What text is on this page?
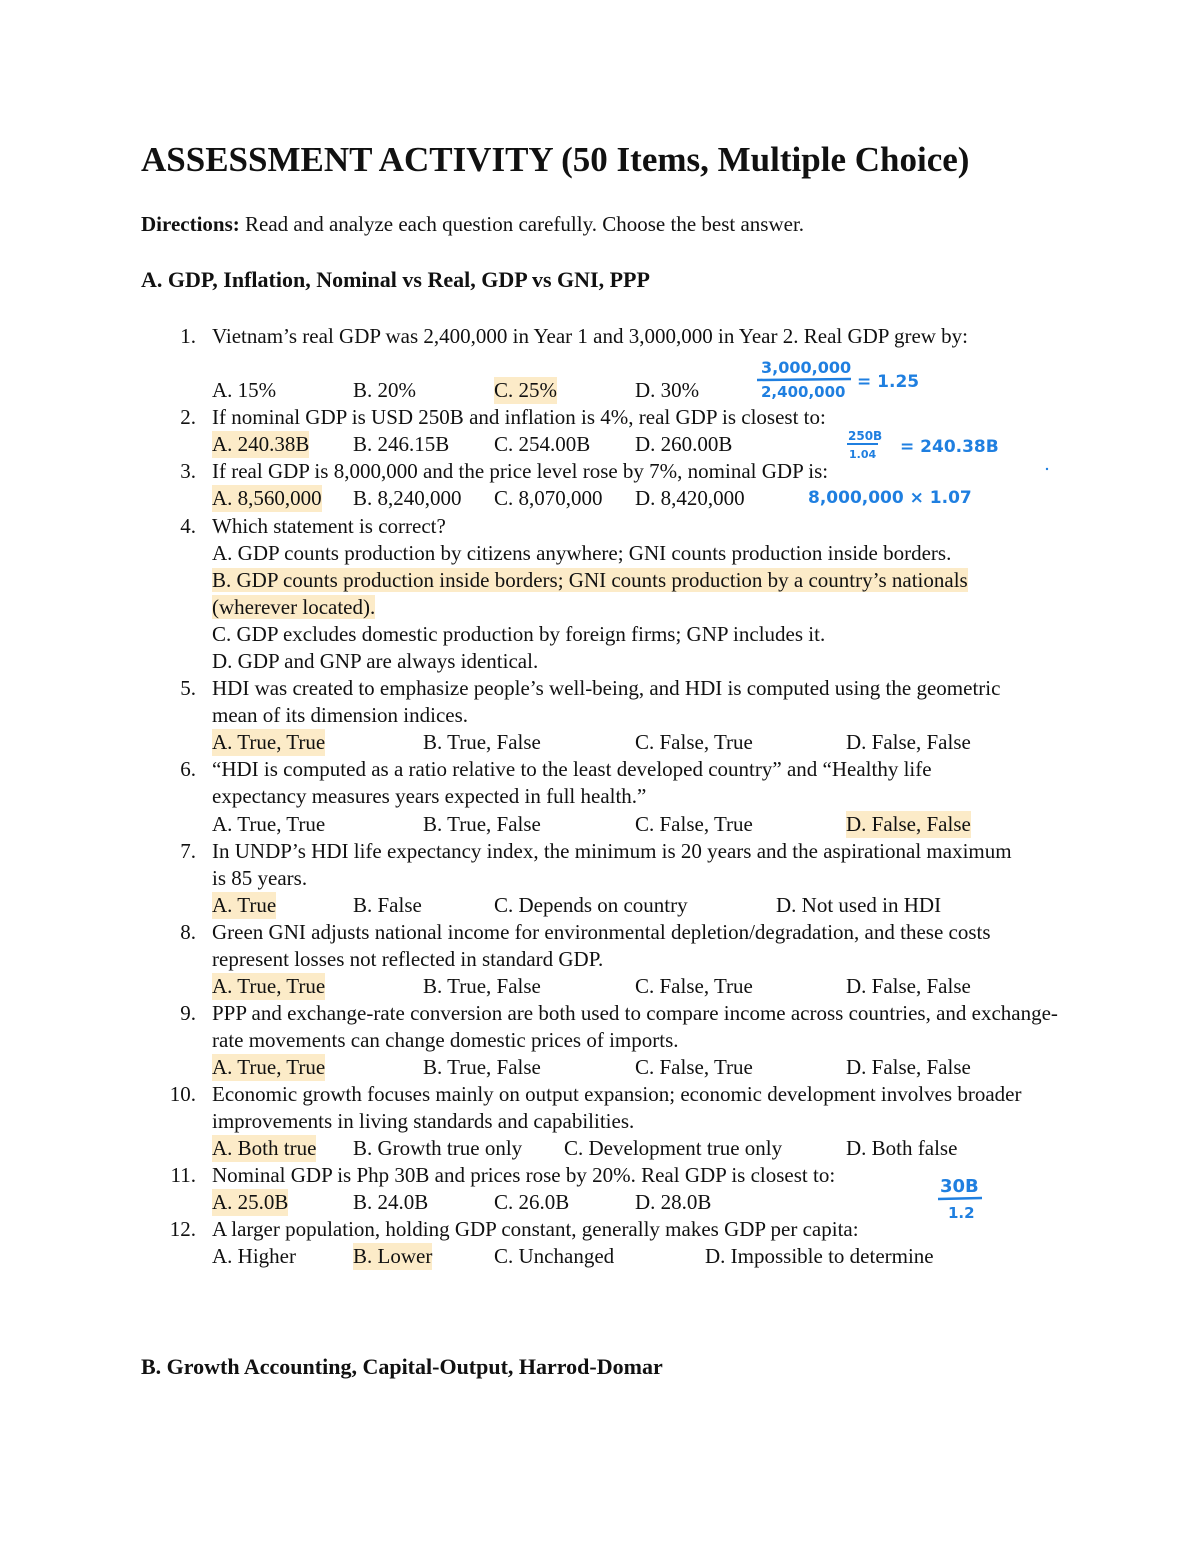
ASSESSMENT ACTIVITY (50 Items, Multiple Choice)
Directions: Read and analyze each question carefully. Choose the best answer.
A. GDP, Inflation, Nominal vs Real, GDP vs GNI, PPP
1. Vietnam’s real GDP was 2,400,000 in Year 1 and 3,000,000 in Year 2. Real GDP grew by:
A. 15%	B. 20%	C. 25%	D. 30%
2. If nominal GDP is USD 250B and inflation is 4%, real GDP is closest to:
A. 240.38B B. 246.15B C. 254.00B D. 260.00B
3. If real GDP is 8,000,000 and the price level rose by 7%, nominal GDP is:
A. 8,560,000 B. 8,240,000 C. 8,070,000 D. 8,420,000
4. Which statement is correct?
A. GDP counts production by citizens anywhere; GNI counts production inside borders.
B. GDP counts production inside borders; GNI counts production by a country’s nationals (wherever located).
C. GDP excludes domestic production by foreign firms; GNP includes it.
D. GDP and GNP are always identical.
5. HDI was created to emphasize people’s well-being, and HDI is computed using the geometric mean of its dimension indices.
A. True, True	B. True, False	C. False, True	D. False, False
6. “HDI is computed as a ratio relative to the least developed country” and “Healthy life expectancy measures years expected in full health.”
A. True, True	B. True, False	C. False, True	D. False, False
7. In UNDP’s HDI life expectancy index, the minimum is 20 years and the aspirational maximum is 85 years.
A. True	B. False	C. Depends on country	D. Not used in HDI
8. Green GNI adjusts national income for environmental depletion/degradation, and these costs represent losses not reflected in standard GDP.
A. True, True	B. True, False	C. False, True	D. False, False
9. PPP and exchange-rate conversion are both used to compare income across countries, and exchange-rate movements can change domestic prices of imports.
A. True, True	B. True, False	C. False, True	D. False, False
10. Economic growth focuses mainly on output expansion; economic development involves broader improvements in living standards and capabilities.
A. Both true B. Growth true only C. Development true only	D. Both false
11. Nominal GDP is Php 30B and prices rose by 20%. Real GDP is closest to:
A. 25.0B	B. 24.0B	C. 26.0B	D. 28.0B
12. A larger population, holding GDP constant, generally makes GDP per capita:
A. Higher	B. Lower	C. Unchanged	D. Impossible to determine
B. Growth Accounting, Capital-Output, Harrod-Domar
3,000,000
2,400,000 = 1.25
250B
1.04 = 240.38B
8,000,000 × 1.07
30B
1.2
